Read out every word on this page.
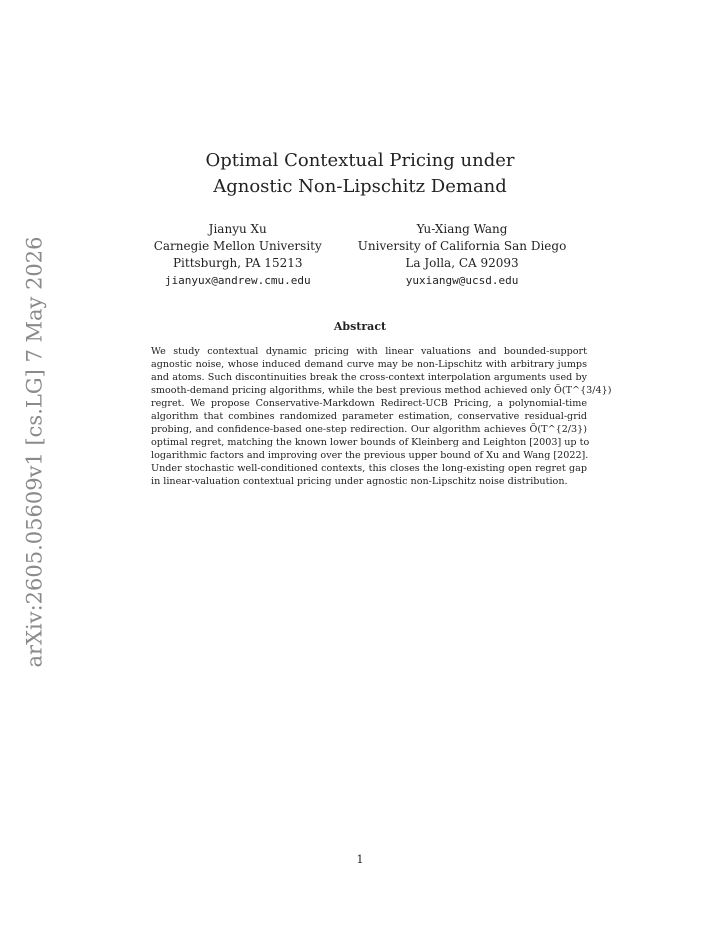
arXiv:2605.05609v1 [cs.LG] 7 May 2026
Optimal Contextual Pricing under
Agnostic Non-Lipschitz Demand
Jianyu Xu
Carnegie Mellon University
Pittsburgh, PA 15213
jianyux@andrew.cmu.edu
Yu-Xiang Wang
University of California San Diego
La Jolla, CA 92093
yuxiangw@ucsd.edu
Abstract
We study contextual dynamic pricing with linear valuations and bounded-support
agnostic noise, whose induced demand curve may be non-Lipschitz with arbitrary jumps
and atoms. Such discontinuities break the cross-context interpolation arguments used by
smooth-demand pricing algorithms, while the best previous method achieved only Õ(T^{3/4})
regret. We propose Conservative-Markdown Redirect-UCB Pricing, a polynomial-time
algorithm that combines randomized parameter estimation, conservative residual-grid
probing, and confidence-based one-step redirection. Our algorithm achieves Õ(T^{2/3})
optimal regret, matching the known lower bounds of Kleinberg and Leighton [2003] up to
logarithmic factors and improving over the previous upper bound of Xu and Wang [2022].
Under stochastic well-conditioned contexts, this closes the long-existing open regret gap
in linear-valuation contextual pricing under agnostic non-Lipschitz noise distribution.
1
